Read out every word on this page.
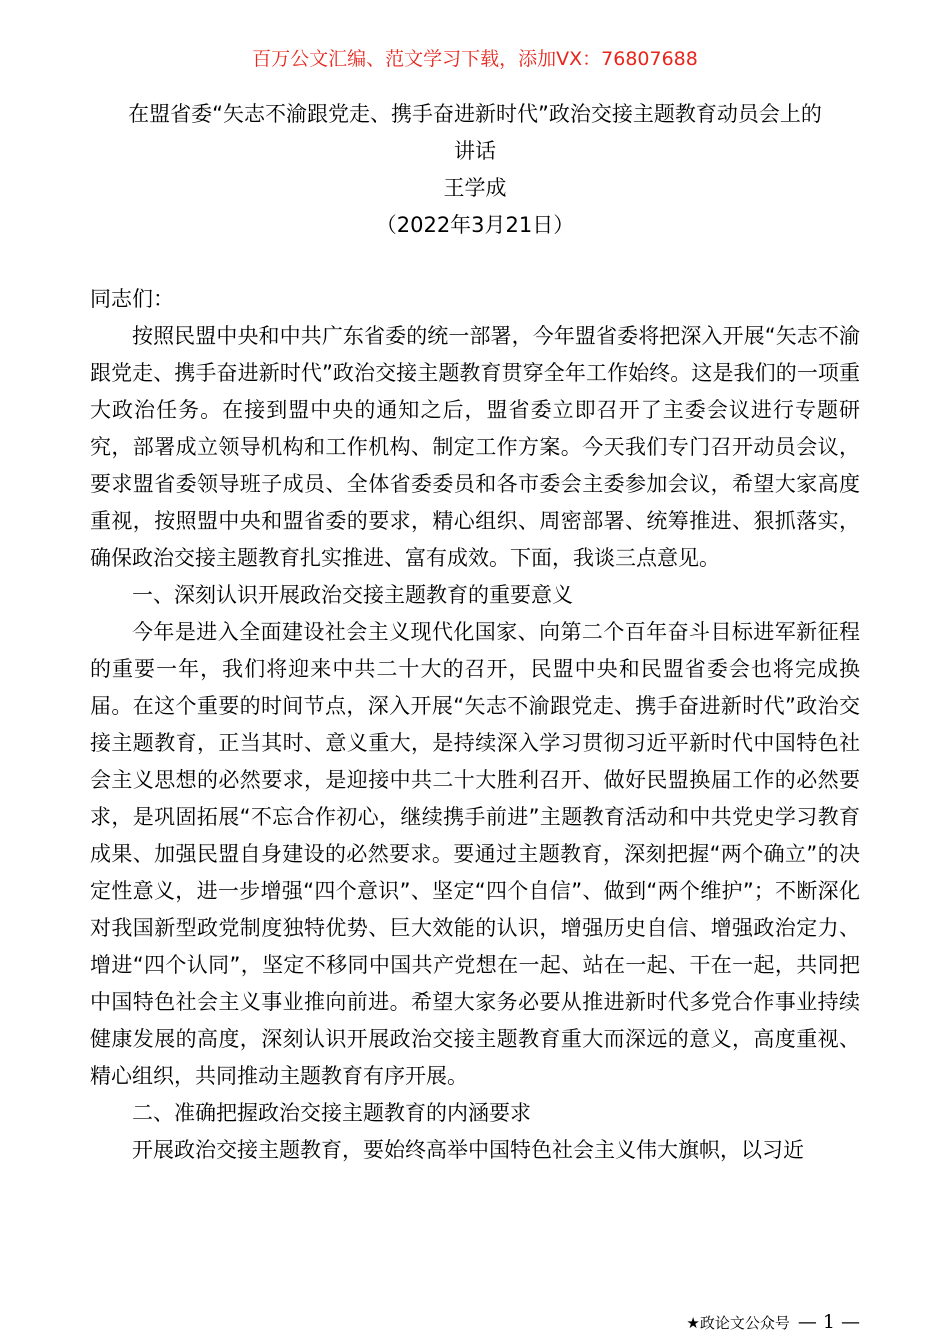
百万公文汇编、范文学习下载，添加VX：76807688
在盟省委“矢志不渝跟党走、携手奋进新时代”政治交接主题教育动员会上的
讲话
王学成
（2022年3月21日）

同志们：

按照民盟中央和中共广东省委的统一部署，今年盟省委将把深入开展“矢志不渝跟党走、携手奋进新时代”政治交接主题教育贯穿全年工作始终。这是我们的一项重大政治任务。在接到盟中央的通知之后，盟省委立即召开了主委会议进行专题研究，部署成立领导机构和工作机构、制定工作方案。今天我们专门召开动员会议，要求盟省委领导班子成员、全体省委委员和各市委会主委参加会议，希望大家高度重视，按照盟中央和盟省委的要求，精心组织、周密部署、统筹推进、狠抓落实，确保政治交接主题教育扎实推进、富有成效。下面，我谈三点意见。

一、深刻认识开展政治交接主题教育的重要意义

今年是进入全面建设社会主义现代化国家、向第二个百年奋斗目标进军新征程的重要一年，我们将迎来中共二十大的召开，民盟中央和民盟省委会也将完成换届。在这个重要的时间节点，深入开展“矢志不渝跟党走、携手奋进新时代”政治交接主题教育，正当其时、意义重大，是持续深入学习贯彻习近平新时代中国特色社会主义思想的必然要求，是迎接中共二十大胜利召开、做好民盟换届工作的必然要求，是巩固拓展“不忘合作初心，继续携手前进”主题教育活动和中共党史学习教育成果、加强民盟自身建设的必然要求。要通过主题教育，深刻把握“两个确立”的决定性意义，进一步增强“四个意识”、坚定“四个自信”、做到“两个维护”；不断深化对我国新型政党制度独特优势、巨大效能的认识，增强历史自信、增强政治定力、增进“四个认同”，坚定不移同中国共产党想在一起、站在一起、干在一起，共同把中国特色社会主义事业推向前进。希望大家务必要从推进新时代多党合作事业持续健康发展的高度，深刻认识开展政治交接主题教育重大而深远的意义，高度重视、精心组织，共同推动主题教育有序开展。

二、准确把握政治交接主题教育的内涵要求

开展政治交接主题教育，要始终高举中国特色社会主义伟大旗帜，以习近

★政论文公众号 — 1 —
